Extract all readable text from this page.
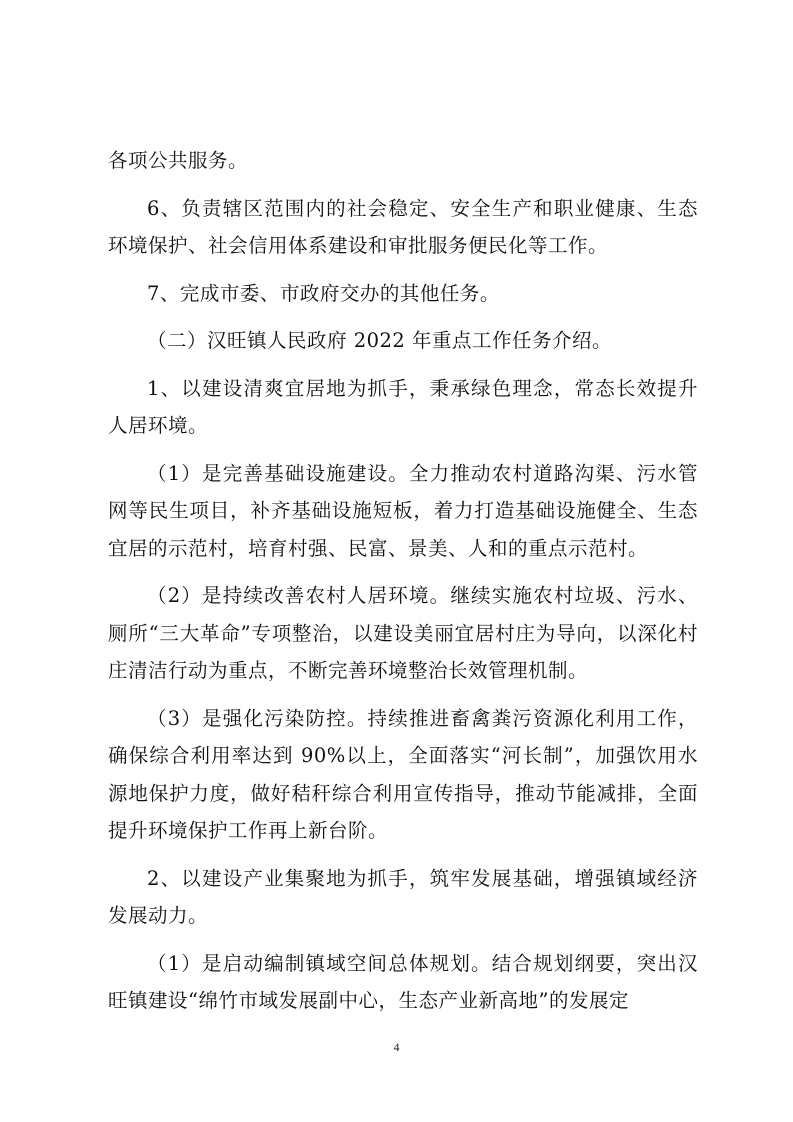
各项公共服务。

6、负责辖区范围内的社会稳定、安全生产和职业健康、生态环境保护、社会信用体系建设和审批服务便民化等工作。

7、完成市委、市政府交办的其他任务。

（二）汉旺镇人民政府 2022 年重点工作任务介绍。

1、以建设清爽宜居地为抓手，秉承绿色理念，常态长效提升人居环境。

（1）是完善基础设施建设。全力推动农村道路沟渠、污水管网等民生项目，补齐基础设施短板，着力打造基础设施健全、生态宜居的示范村，培育村强、民富、景美、人和的重点示范村。

（2）是持续改善农村人居环境。继续实施农村垃圾、污水、厕所“三大革命”专项整治，以建设美丽宜居村庄为导向，以深化村庄清洁行动为重点，不断完善环境整治长效管理机制。

（3）是强化污染防控。持续推进畜禽粪污资源化利用工作，确保综合利用率达到 90%以上，全面落实“河长制”，加强饮用水源地保护力度，做好秸秆综合利用宣传指导，推动节能减排，全面提升环境保护工作再上新台阶。

2、以建设产业集聚地为抓手，筑牢发展基础，增强镇域经济发展动力。

（1）是启动编制镇域空间总体规划。结合规划纲要，突出汉旺镇建设“绵竹市域发展副中心，生态产业新高地”的发展定

4
